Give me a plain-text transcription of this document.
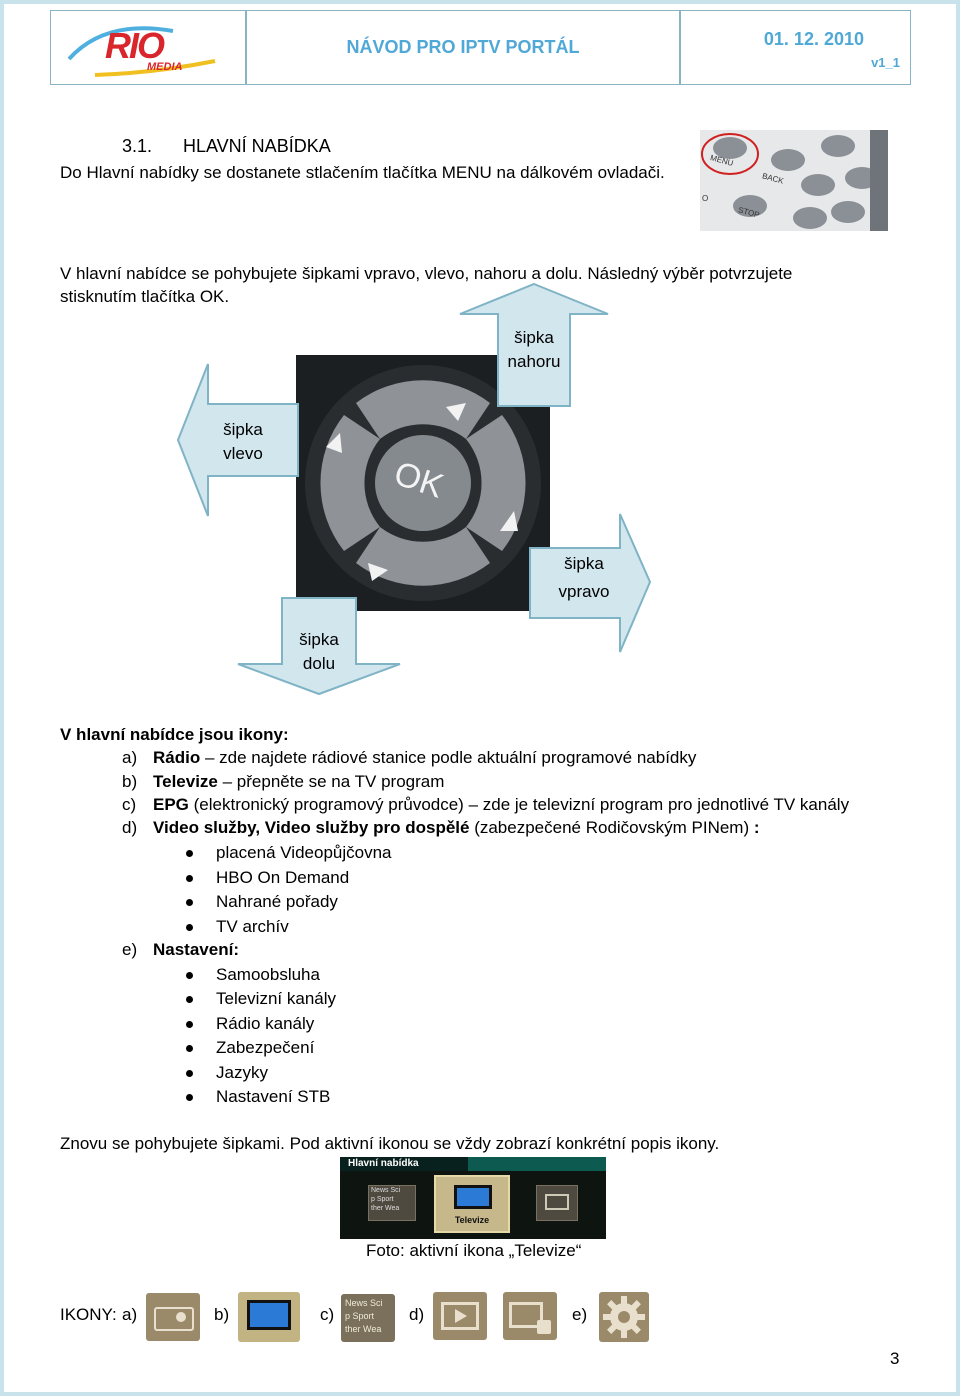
RIO
MEDIA
NÁVOD PRO IPTV PORTÁL	01. 12. 2010
v1_1
3.1. HLAVNÍ NABÍDKA
Do Hlavní nabídky se dostanete stlačením tlačítka MENU na dálkovém ovladači.
MENU
BACK
O
STOP
V hlavní nabídce se pohybujete šipkami vpravo, vlevo, nahoru a dolu. Následný výběr potvrzujete
stisknutím tlačítka OK.
OK
šipka
nahoru
šipka
vlevo
šipka
vpravo
šipka
dolu
V hlavní nabídce jsou ikony:
a) Rádio – zde najdete rádiové stanice podle aktuální programové nabídky
b) Televize – přepněte se na TV program
c) EPG (elektronický programový průvodce) – zde je televizní program pro jednotlivé TV kanály
d) Video služby, Video služby pro dospělé (zabezpečené Rodičovským PINem) :
placená Videopůjčovna
HBO On Demand
Nahrané pořady
TV archív
e) Nastavení:
Samoobsluha
Televizní kanály
Rádio kanály
Zabezpečení
Jazyky
Nastavení STB
Znovu se pohybujete šipkami. Pod aktivní ikonou se vždy zobrazí konkrétní popis ikony.
Hlavní nabídka
News Sci
p Sport
ther Wea
Televize
Foto: aktivní ikona „Televize“
IKONY: a)	b)	c)
News Sci
p Sport
ther Wea
d)	e)
3
